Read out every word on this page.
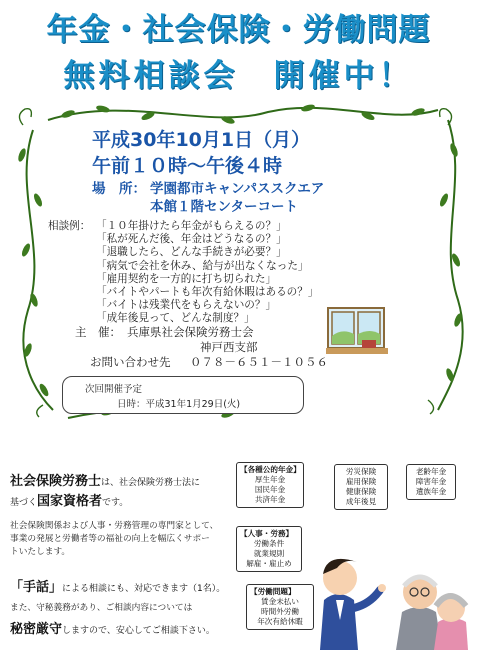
年金・社会保険・労働問題
無料相談会　開催中！
平成30年10月1日（月）
午前１０時〜午後４時
場　所： 学園都市キャンパススクエア
本館１階センターコート
相談例： 「１０年掛けたら年金がもらえるの？」
「私が死んだ後、年金はどうなるの？」
「退職したら、どんな手続きが必要？」
「病気で会社を休み、給与が出なくなった」
「雇用契約を一方的に打ち切られた」
「バイトやパートも年次有給休暇はあるの？」
「バイトは残業代をもらえないの？」
「成年後見って、どんな制度？」
主　催： 兵庫県社会保険労務士会
神戸西支部
お問い合わせ先 ０７８－６５１－１０５６
次回開催予定
日時：平成31年1月29日(火)
社会保険労務士は、社会保険労務士法に
基づく国家資格者です。
社会保険関係および人事・労務管理の専門家として、
事業の発展と労働者等の福祉の向上を幅広くサポー
トいたします。
「手話」による相談にも、対応できます（1名）。
また、守秘義務があり、ご相談内容については
秘密厳守しますので、安心してご相談下さい。
【各種公的年金】
厚生年金
国民年金
共済年金
労災保険
雇用保険
健康保険
成年後見
老齢年金
障害年金
遺族年金
【人事・労務】
労働条件
就業規則
解雇・雇止め
【労働問題】
賃金未払い
時間外労働
年次有給休暇
